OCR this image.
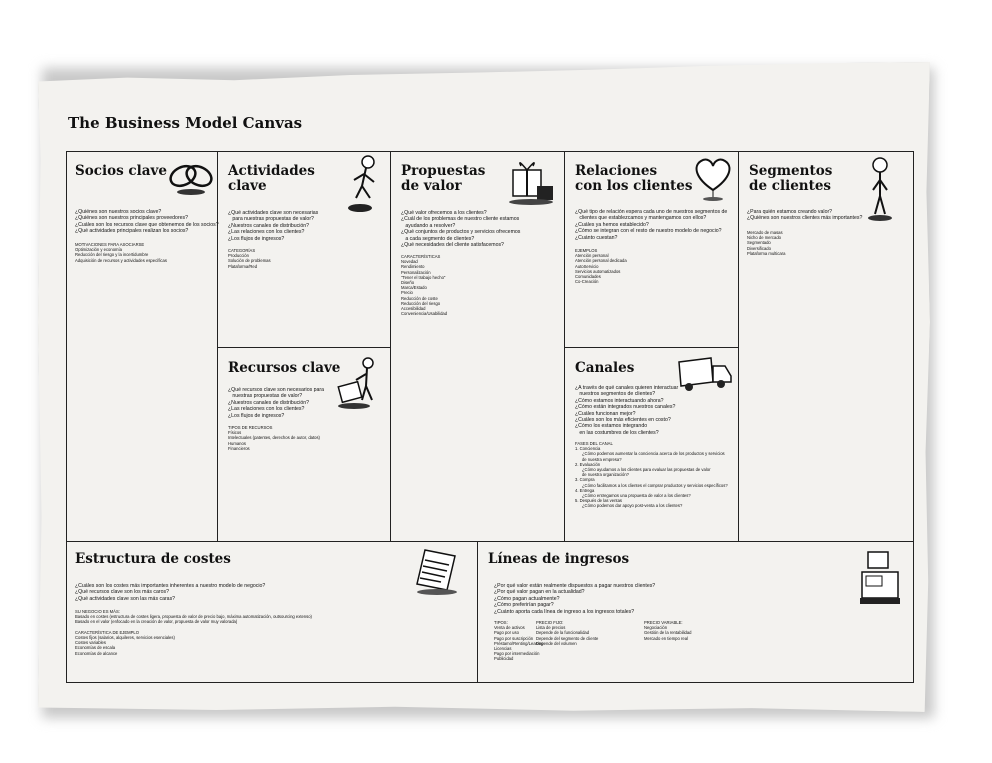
The Business Model Canvas
Socios clave
¿Quiénes son nuestros socios clave?
¿Quiénes son nuestros principales proveedores?
¿Cuáles son los recursos clave que obtenemos de los socios?
¿Qué actividades principales realizan los socios?
MOTIVACIONES PARA ASOCIARSE
Optimización y economía
Reducción del riesgo y la incertidumbre
Adquisición de recursos y actividades específicas
Actividades
clave
¿Qué actividades clave son necesarias
para nuestras propuestas de valor?
¿Nuestros canales de distribución?
¿Las relaciones con los clientes?
¿Los flujos de ingresos?
CATEGORÍAS
Producción
Solución de problemas
Plataforma/Red
Recursos clave
¿Qué recursos clave son necesarios para
nuestras propuestas de valor?
¿Nuestros canales de distribución?
¿Las relaciones con los clientes?
¿Los flujos de ingresos?
TIPOS DE RECURSOS
Físicos
Intelectuales (patentes, derechos de autor, datos)
Humanos
Financieros
Propuestas
de valor
¿Qué valor ofrecemos a los clientes?
¿Cuál de los problemas de nuestro cliente estamos
ayudando a resolver?
¿Qué conjuntos de productos y servicios ofrecemos
a cada segmento de clientes?
¿Qué necesidades del cliente satisfacemos?
CARACTERÍSTICAS
Novedad
Rendimiento
Personalización
"Tener el trabajo hecho"
Diseño
Marca/Estado
Precio
Reducción de coste
Reducción del riesgo
Accesibilidad
Conveniencia/Usabilidad
Relaciones
con los clientes
¿Qué tipo de relación espera cada uno de nuestros segmentos de
clientes que establezcamos y mantengamos con ellos?
¿Cuáles ya hemos establecido?
¿Cómo se integran con el resto de nuestro modelo de negocio?
¿Cuánto cuestan?
EJEMPLOS
Atención personal
Atención personal dedicada
AutoServicio
Servicios automatizados
Comunidades
Co-Creación
Canales
¿A través de qué canales quieren interactuar
nuestros segmentos de clientes?
¿Cómo estamos interactuando ahora?
¿Cómo están integrados nuestros canales?
¿Cuáles funcionan mejor?
¿Cuáles son los más eficientes en costo?
¿Cómo los estamos integrando
en las costumbres de los clientes?
FASES DEL CANAL
1. Conciencia
¿Cómo podemos aumentar la conciencia acerca de los productos y servicios
de nuestra empresa?
2. Evaluación
¿Cómo ayudamos a los clientes para evaluar las propuestas de valor
de nuestra organización?
3. Compra
¿Cómo facilitamos a los clientes el comprar productos y servicios específicos?
4. Entrega
¿Cómo entregamos una propuesta de valor a los clientes?
5. Después de las ventas
¿Cómo podemos dar apoyo post-venta a los clientes?
Segmentos
de clientes
¿Para quién estamos creando valor?
¿Quiénes son nuestros clientes más importantes?
Mercado de masas
Nicho de mercado
Segmentado
Diversificado
Plataforma multicara
Estructura de costes
¿Cuáles son los costes más importantes inherentes a nuestro modelo de negocio?
¿Qué recursos clave son los más caros?
¿Qué actividades clave son las más caras?
SU NEGOCIO ES MÁS:
Basado en costes (estructura de costes ligera, propuesta de valor de precio bajo, máxima automatización, outsourcing extenso)
Basado en el valor (enfocado en la creación de valor, propuesta de valor muy valorada)

CARACTERÍSTICA DE EJEMPLO
Costes fijos (salarios, alquileres, servicios esenciales)
Costes variables
Economías de escala
Economías de alcance
Líneas de ingresos
¿Por qué valor están realmente dispuestos a pagar nuestros clientes?
¿Por qué valor pagan en la actualidad?
¿Cómo pagan actualmente?
¿Cómo preferirían pagar?
¿Cuánto aporta cada línea de ingreso a los ingresos totales?
TIPOS:
Venta de activos
Pago por uso
Pago por suscripción
Préstamo/Renting/Leasing
Licencias
Pago por intermediación
Publicidad
PRECIO FIJO:
Lista de precios
Depende de la funcionalidad
Depende del segmento de cliente
Depende del volumen
PRECIO VARIABLE:
Negociación
Gestión de la rentabilidad
Mercado en tiempo real
